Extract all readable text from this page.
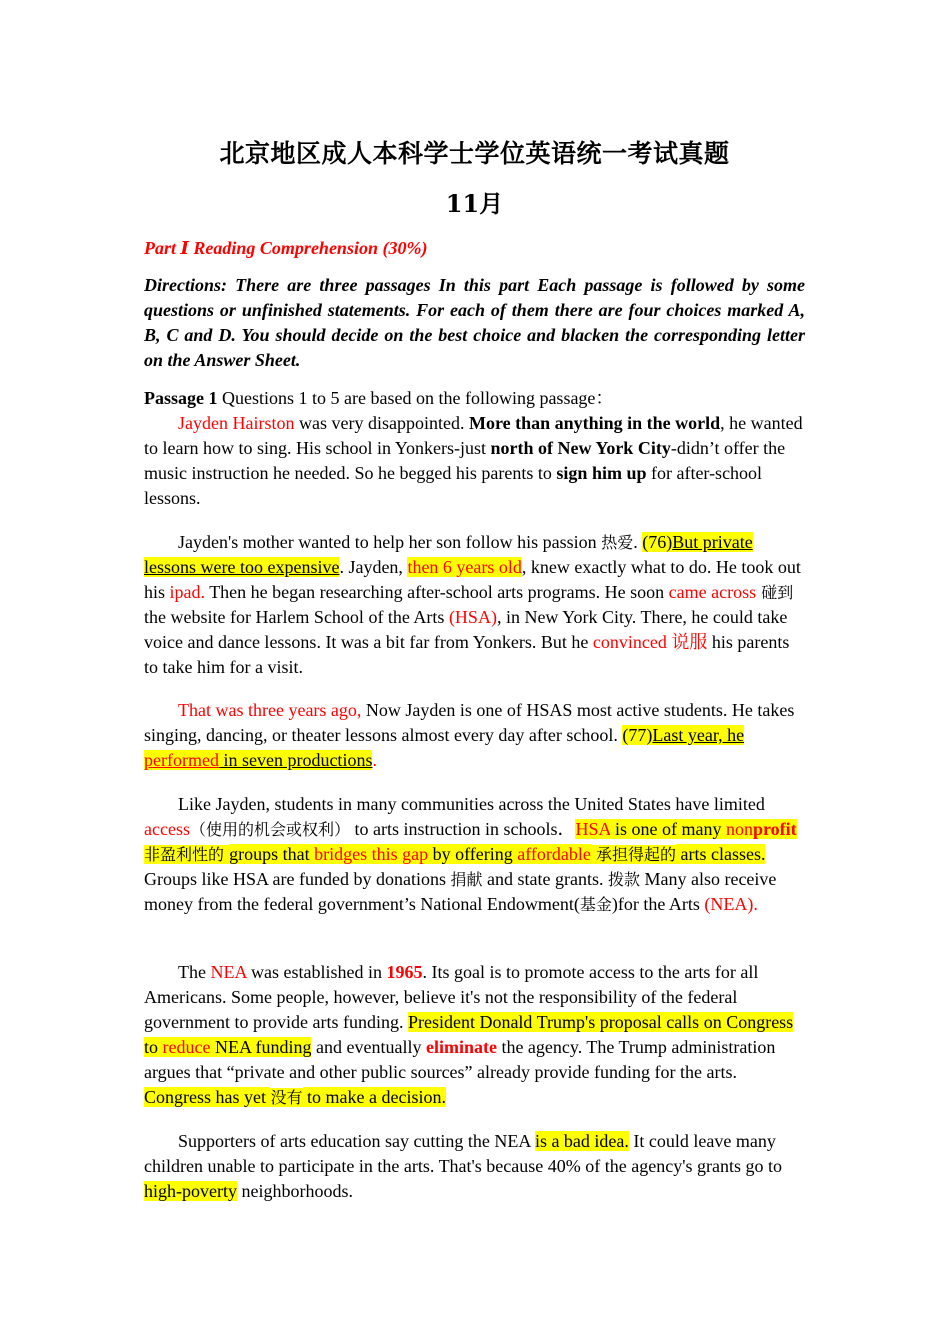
北京地区成人本科学士学位英语统一考试真题
11月
Part Ⅰ Reading Comprehension (30%)
Directions: There are three passages In this part Each passage is followed by some questions or unfinished statements. For each of them there are four choices marked A, B, C and D. You should decide on the best choice and blacken the corresponding letter on the Answer Sheet.
Passage 1 Questions 1 to 5 are based on the following passage：
Jayden Hairston was very disappointed. More than anything in the world, he wanted to learn how to sing. His school in Yonkers-just north of New York City-didn’t offer the music instruction he needed. So he begged his parents to sign him up for after-school lessons.
Jayden's mother wanted to help her son follow his passion 热爱. (76)But private lessons were too expensive. Jayden, then 6 years old, knew exactly what to do. He took out his ipad. Then he began researching after-school arts programs. He soon came across 碰到 the website for Harlem School of the Arts (HSA), in New York City. There, he could take voice and dance lessons. It was a bit far from Yonkers. But he convinced 说服 his parents to take him for a visit.
That was three years ago, Now Jayden is one of HSAS most active students. He takes singing, dancing, or theater lessons almost every day after school. (77)Last year, he performed in seven productions.
Like Jayden, students in many communities across the United States have limited access（使用的机会或权利） to arts instruction in schools．HSA is one of many nonprofit 非盈利性的 groups that bridges this gap by offering affordable 承担得起的 arts classes. Groups like HSA are funded by donations 捐献 and state grants. 拨款 Many also receive money from the federal government’s National Endowment(基金)for the Arts (NEA).
The NEA was established in 1965. Its goal is to promote access to the arts for all Americans. Some people, however, believe it's not the responsibility of the federal government to provide arts funding. President Donald Trump's proposal calls on Congress to reduce NEA funding and eventually eliminate the agency. The Trump administration argues that “private and other public sources” already provide funding for the arts. Congress has yet 没有 to make a decision.
Supporters of arts education say cutting the NEA is a bad idea. It could leave many children unable to participate in the arts. That's because 40% of the agency's grants go to high-poverty neighborhoods.
